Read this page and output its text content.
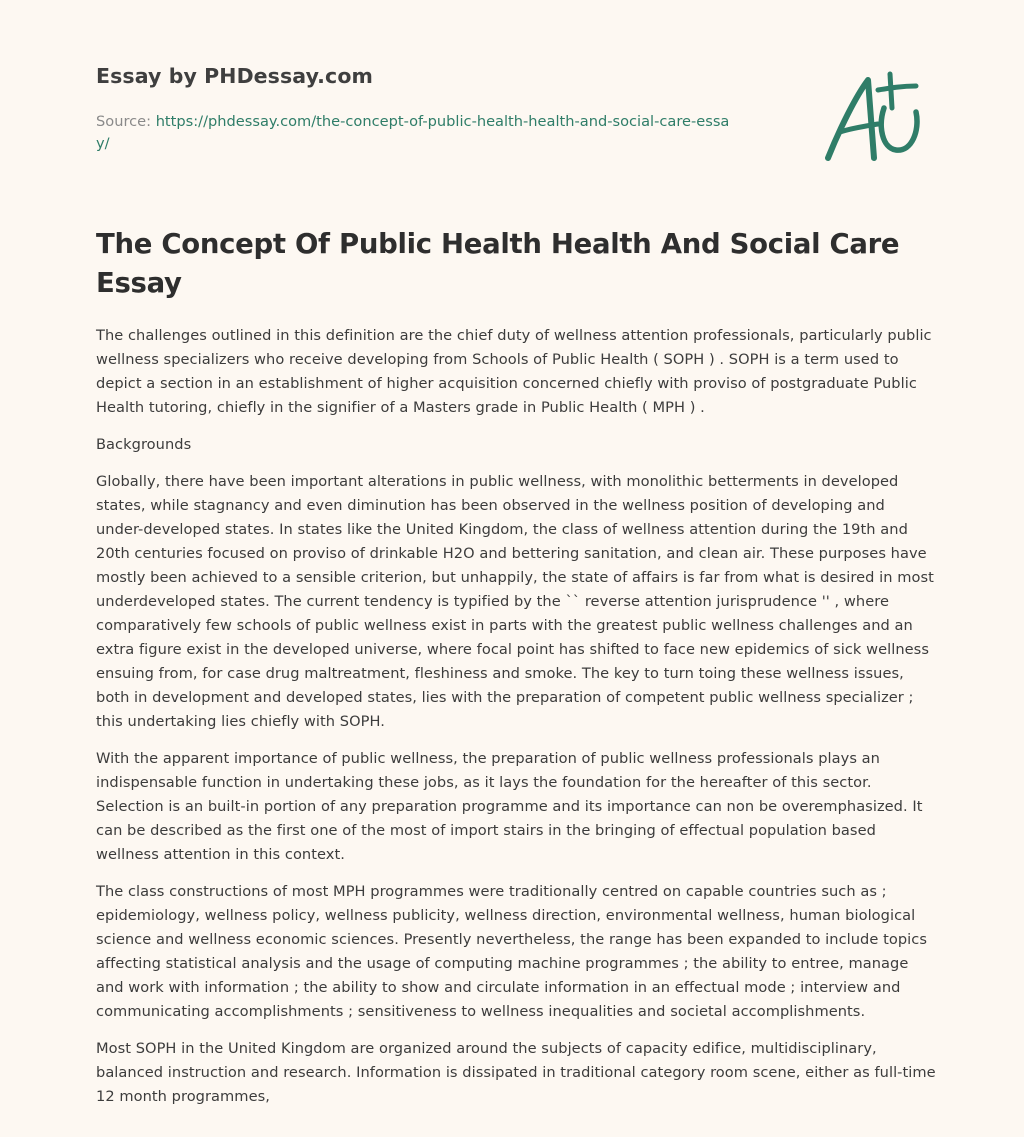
Essay by PHDessay.com
Source: https://phdessay.com/the-concept-of-public-health-health-and-social-care-essay/
The Concept Of Public Health Health And Social Care Essay

The challenges outlined in this definition are the chief duty of wellness attention professionals, particularly public wellness specializers who receive developing from Schools of Public Health ( SOPH ) . SOPH is a term used to depict a section in an establishment of higher acquisition concerned chiefly with proviso of postgraduate Public Health tutoring, chiefly in the signifier of a Masters grade in Public Health ( MPH ) .

Backgrounds

Globally, there have been important alterations in public wellness, with monolithic betterments in developed states, while stagnancy and even diminution has been observed in the wellness position of developing and under-developed states. In states like the United Kingdom, the class of wellness attention during the 19th and 20th centuries focused on proviso of drinkable H2O and bettering sanitation, and clean air. These purposes have mostly been achieved to a sensible criterion, but unhappily, the state of affairs is far from what is desired in most underdeveloped states. The current tendency is typified by the `` reverse attention jurisprudence '' , where comparatively few schools of public wellness exist in parts with the greatest public wellness challenges and an extra figure exist in the developed universe, where focal point has shifted to face new epidemics of sick wellness ensuing from, for case drug maltreatment, fleshiness and smoke. The key to turn toing these wellness issues, both in development and developed states, lies with the preparation of competent public wellness specializer ; this undertaking lies chiefly with SOPH.

With the apparent importance of public wellness, the preparation of public wellness professionals plays an indispensable function in undertaking these jobs, as it lays the foundation for the hereafter of this sector. Selection is an built-in portion of any preparation programme and its importance can non be overemphasized. It can be described as the first one of the most of import stairs in the bringing of effectual population based wellness attention in this context.

The class constructions of most MPH programmes were traditionally centred on capable countries such as ; epidemiology, wellness policy, wellness publicity, wellness direction, environmental wellness, human biological science and wellness economic sciences. Presently nevertheless, the range has been expanded to include topics affecting statistical analysis and the usage of computing machine programmes ; the ability to entree, manage and work with information ; the ability to show and circulate information in an effectual mode ; interview and communicating accomplishments ; sensitiveness to wellness inequalities and societal accomplishments.

Most SOPH in the United Kingdom are organized around the subjects of capacity edifice, multidisciplinary, balanced instruction and research. Information is dissipated in traditional category room scene, either as full-time 12 month programmes,
